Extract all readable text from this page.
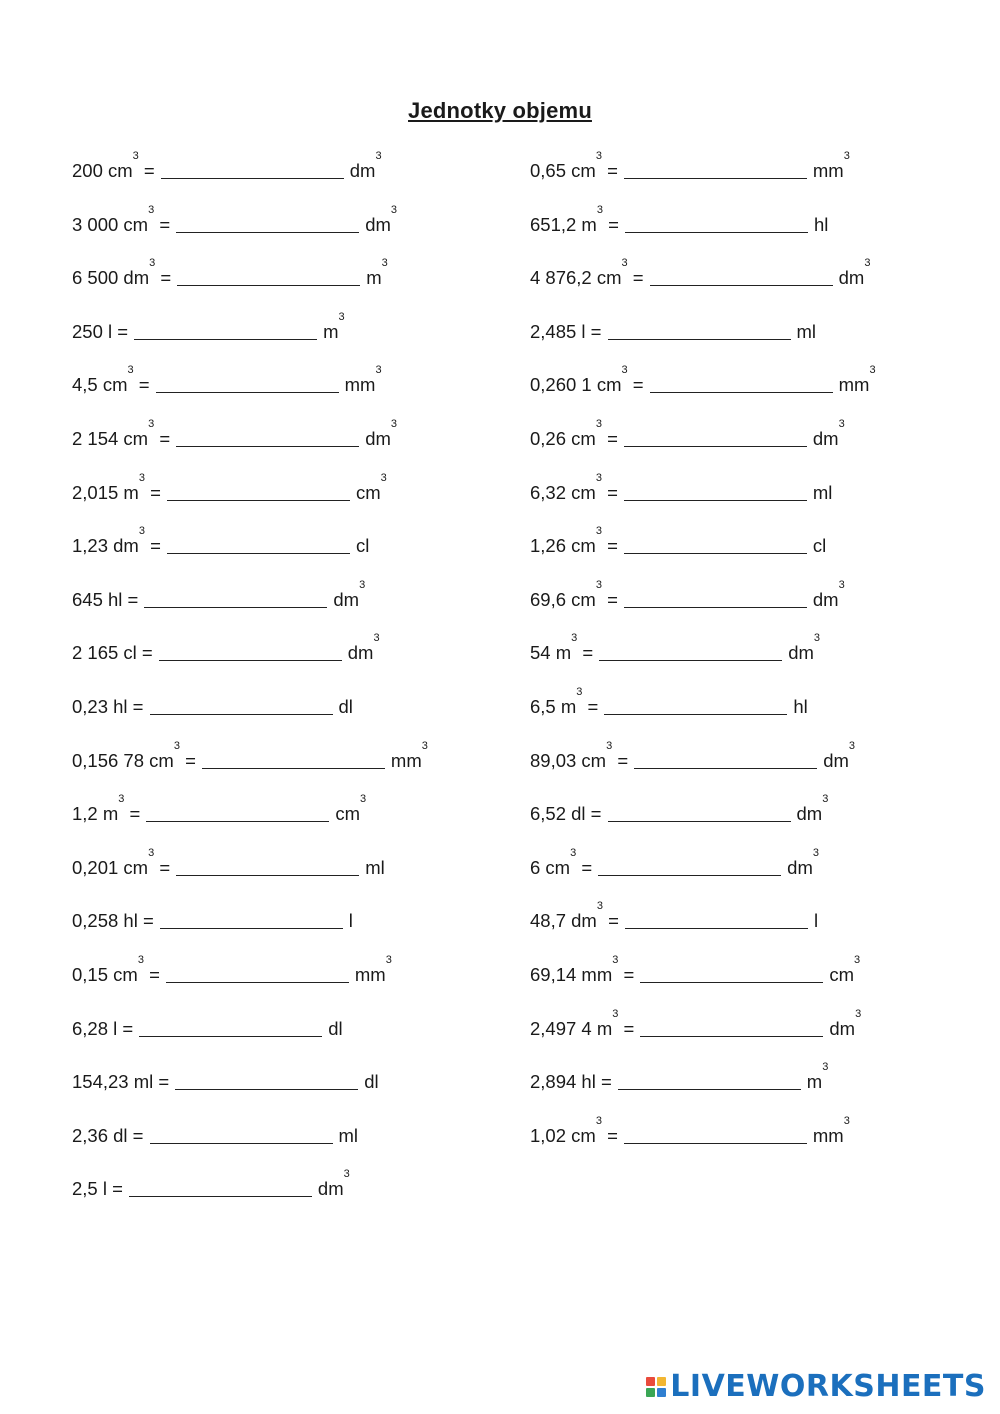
Jednotky objemu
200 cm
$^3$
=	dm
$^3$
3 000 cm
$^3$
=	dm
$^3$
6 500 dm
$^3$
=	m
$^3$
250 l =	m
$^3$
4,5 cm
$^3$
=	mm
$^3$
2 154 cm
$^3$
=	dm
$^3$
2,015 m
$^3$
=	cm
$^3$
1,23 dm
$^3$
=	cl
645 hl =	dm
$^3$
2 165 cl =	dm
$^3$
0,23 hl =	dl
0,156 78 cm
$^3$
=	mm
$^3$
1,2 m
$^3$
=	cm
$^3$
0,201 cm
$^3$
=	ml
0,258 hl =	l
0,15 cm
$^3$
=	mm
$^3$
6,28 l =	dl
154,23 ml =	dl
2,36 dl =	ml
2,5 l =	dm
$^3$
0,65 cm
$^3$
=	mm
$^3$
651,2 m
$^3$
=	hl
4 876,2 cm
$^3$
=	dm
$^3$
2,485 l =	ml
0,260 1 cm
$^3$
=	mm
$^3$
0,26 cm
$^3$
=	dm
$^3$
6,32 cm
$^3$
=	ml
1,26 cm
$^3$
=	cl
69,6 cm
$^3$
=	dm
$^3$
54 m
$^3$
=	dm
$^3$
6,5 m
$^3$
=	hl
89,03 cm
$^3$
=	dm
$^3$
6,52 dl =	dm
$^3$
6 cm
$^3$
=	dm
$^3$
48,7 dm
$^3$
=	l
69,14 mm
$^3$
=	cm
$^3$
2,497 4 m
$^3$
=	dm
$^3$
2,894 hl =	m
$^3$
1,02 cm
$^3$
=	mm
$^3$
LIVEWORKSHEETS
